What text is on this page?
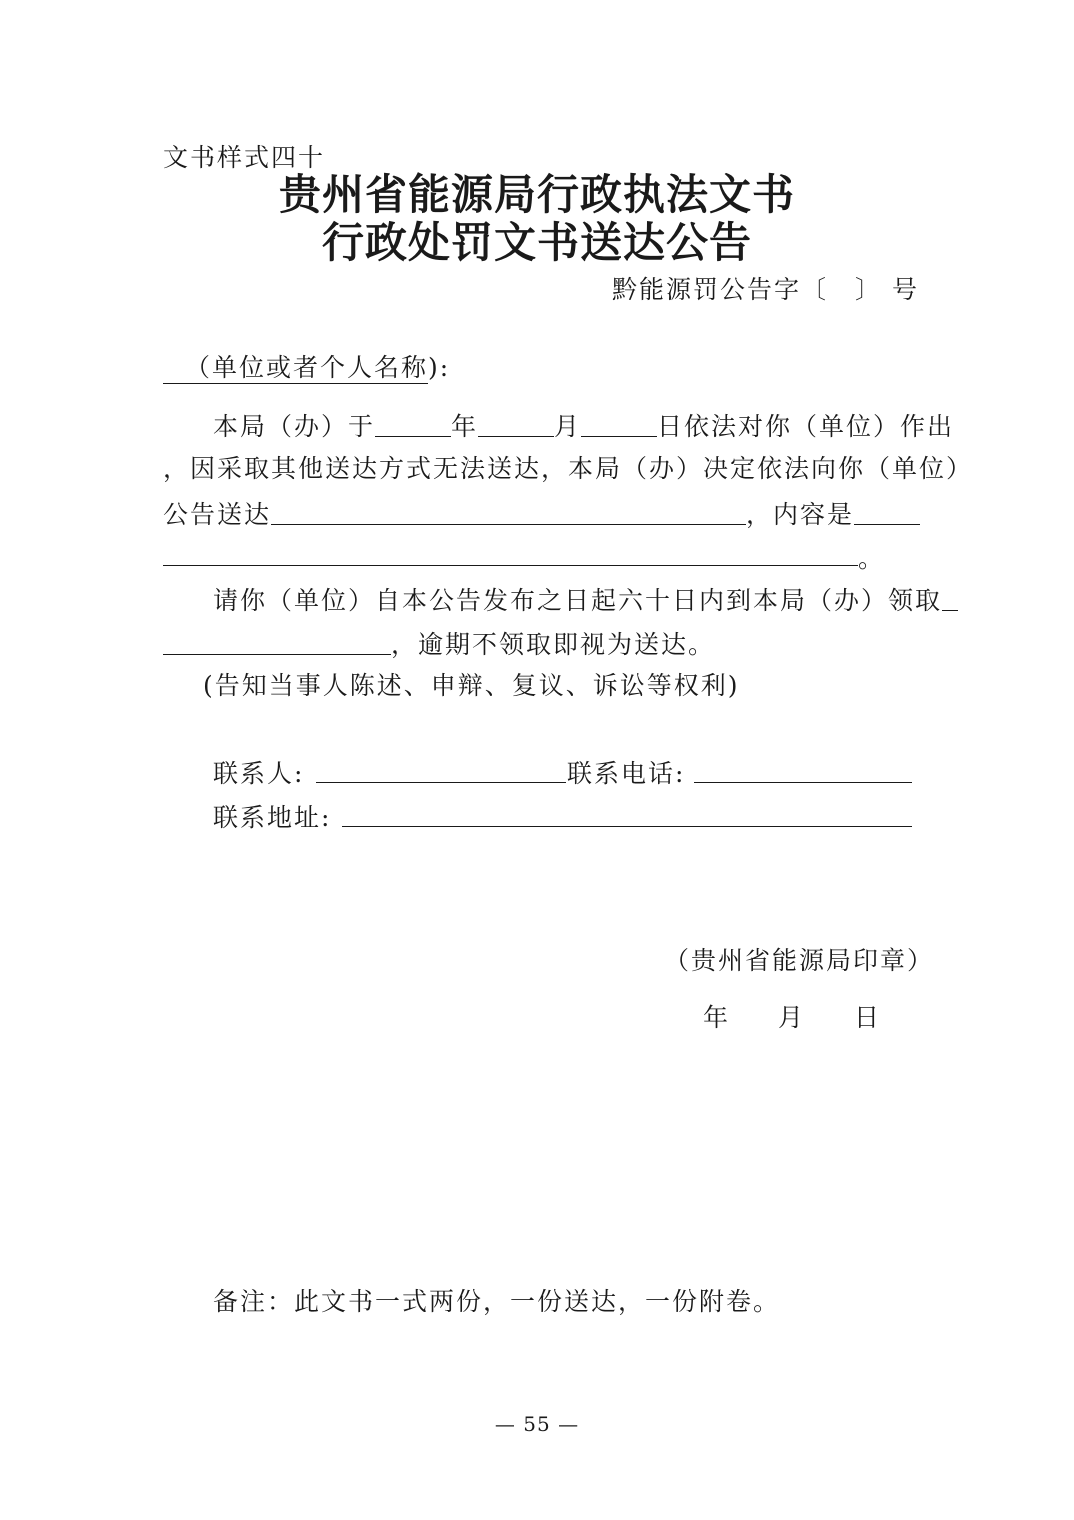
文书样式四十
贵州省能源局行政执法文书
行政处罚文书送达公告
黔能源罚公告字〔　〕 号
（单位或者个人名称):
本局（办）于	年	月	日依法对你（单位）作出
，因采取其他送达方式无法送达，本局（办）决定依法向你（单位）
公告送达	，内容是
。
请你（单位）自本公告发布之日起六十日内到本局（办）领取
，逾期不领取即视为送达。
(告知当事人陈述、申辩、复议、诉讼等权利)
联系人:	联系电话:
联系地址:
（贵州省能源局印章）
年 月 日
备注：此文书一式两份，一份送达，一份附卷。
— 55 —
